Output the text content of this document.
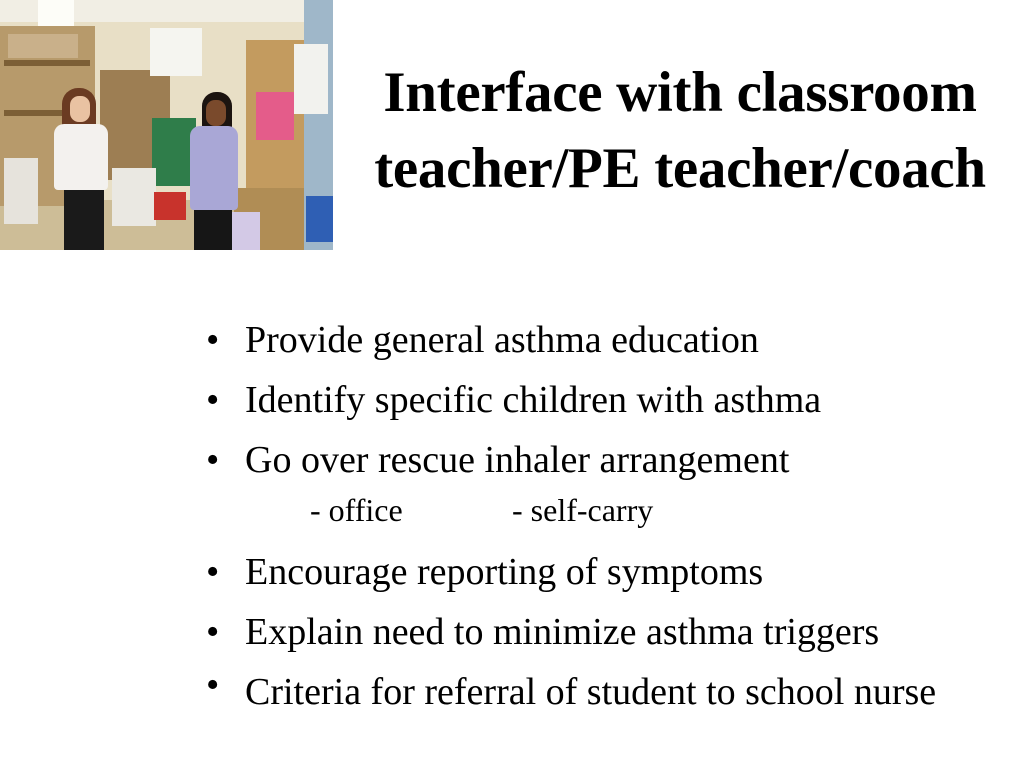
Interface with classroom
teacher/PE teacher/coach
• Provide general asthma education
• Identify specific children with asthma
• Go over rescue inhaler arrangement
- office	- self-carry
• Encourage reporting of symptoms
• Explain need to minimize asthma triggers
• Criteria for referral of student to school nurse
